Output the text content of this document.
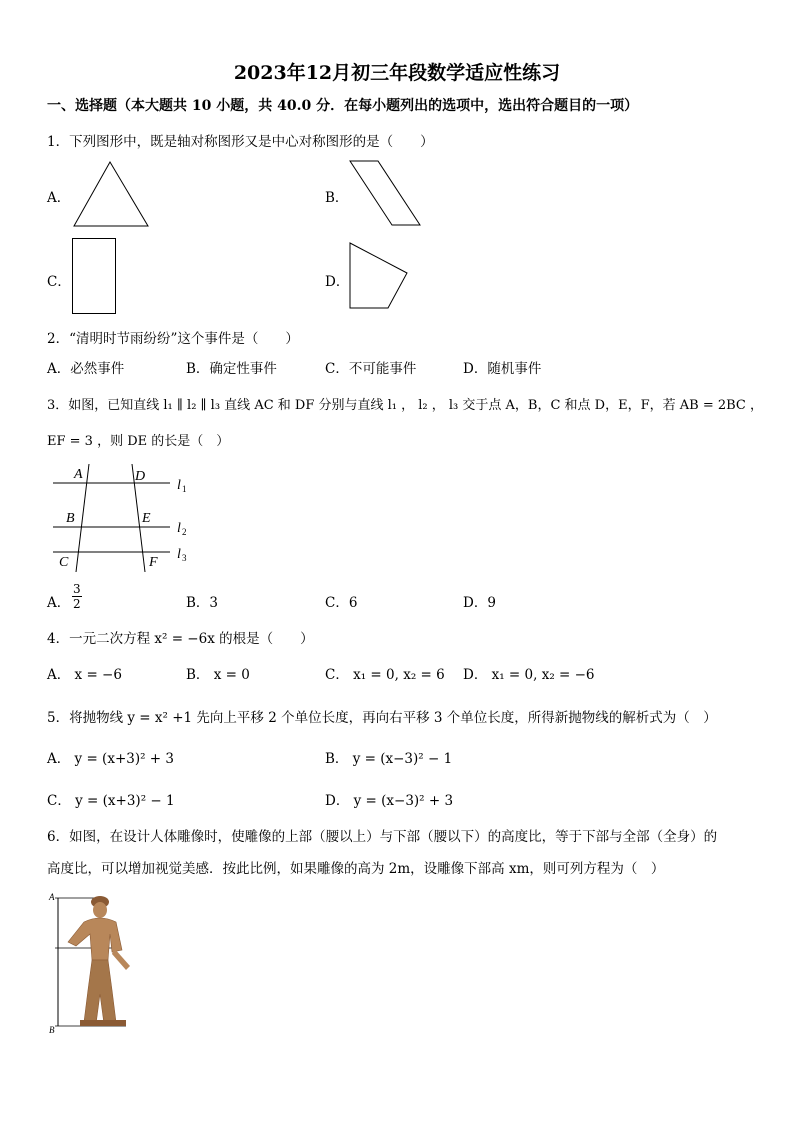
2023年12月初三年段数学适应性练习
一、选择题（本大题共 10 小题，共 40.0 分．在每小题列出的选项中，选出符合题目的一项）
1．下列图形中，既是轴对称图形又是中心对称图形的是（　　）
A．	B．
C．	D．
2．“清明时节雨纷纷”这个事件是（　　）
A．必然事件	B．确定性事件	C．不可能事件	D．随机事件
3．如图，已知直线 l₁ ∥ l₂ ∥ l₃ 直线 AC 和 DF 分别与直线 l₁ ， l₂ ， l₃ 交于点 A，B，C 和点 D，E，F，若 AB = 2BC ，
EF = 3 ，则 DE 的长是（　）
A	D
B	E
C	F
l 1
l 2
l 3
A． $\frac{3}{2}$	B．3	C．6	D．9
4．一元二次方程 x² = −6x 的根是（　　）
A． x = −6	B． x = 0	C． x₁ = 0, x₂ = 6 D． x₁ = 0, x₂ = −6
5．将抛物线 y = x² +1 先向上平移 2 个单位长度，再向右平移 3 个单位长度，所得新抛物线的解析式为（　）
A． y = (x+3)² + 3	B． y = (x−3)² − 1
C． y = (x+3)² − 1	D． y = (x−3)² + 3
6．如图，在设计人体雕像时，使雕像的上部（腰以上）与下部（腰以下）的高度比，等于下部与全部（全身）的
高度比，可以增加视觉美感．按此比例，如果雕像的高为 2m，设雕像下部高 xm，则可列方程为（　）
A
B
